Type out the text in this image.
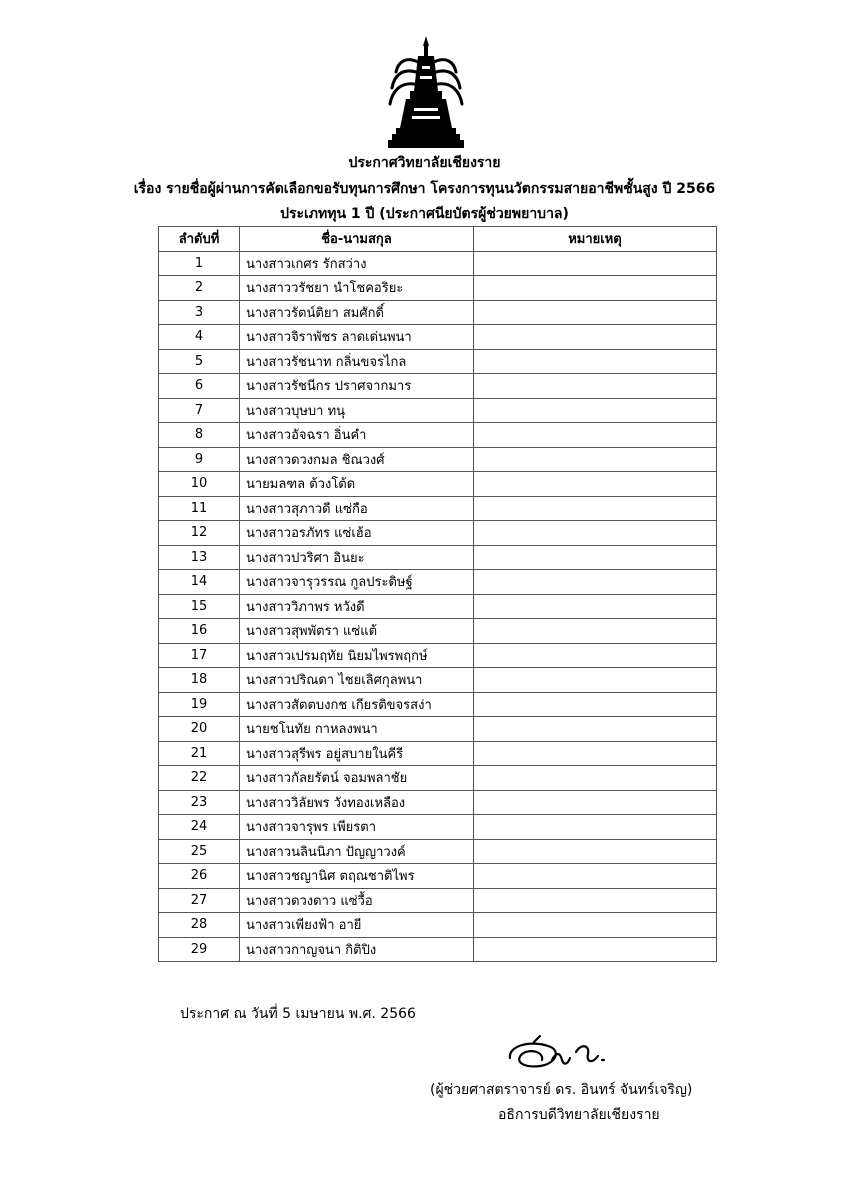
ประกาศวิทยาลัยเชียงราย
เรื่อง รายชื่อผู้ผ่านการคัดเลือกขอรับทุนการศึกษา โครงการทุนนวัตกรรมสายอาชีพชั้นสูง ปี 2566
ประเภททุน 1 ปี (ประกาศนียบัตรผู้ช่วยพยาบาล)
ลำดับที่	ชื่อ-นามสกุล	หมายเหตุ
1	นางสาวเกศร รักสว่าง	
2	นางสาววรัชยา นำโชคอริยะ	
3	นางสาวรัตน์ติยา สมศักดิ์	
4	นางสาวจิราพัชร ลาดเด่นพนา	
5	นางสาวรัชนาท กลิ่นขจรไกล	
6	นางสาวรัชนีกร ปราศจากมาร	
7	นางสาวบุษบา ทนุ	
8	นางสาวอัจฉรา อิ่นคำ	
9	นางสาวดวงกมล ชิณวงศ์	
10	นายมลฑล ต้วงโต้ด	
11	นางสาวสุภาวดี แซ่กือ	
12	นางสาวอรภัทร แซ่เฮ้อ	
13	นางสาวปวริศา อินยะ	
14	นางสาวจารุวรรณ กูลประดิษฐ์	
15	นางสาววิภาพร หวังดี	
16	นางสาวสุพพัตรา แซ่แต้	
17	นางสาวเปรมฤทัย นิยมไพรพฤกษ์	
18	นางสาวปริณดา ไชยเลิศกุลพนา	
19	นางสาวสัตตบงกช เกียรติขจรสง่า	
20	นายชโนทัย กาหลงพนา	
21	นางสาวสุรีพร อยู่สบายในคีรี	
22	นางสาวกัลยรัตน์ จอมพลาชัย	
23	นางสาววิลัยพร วังทองเหลือง	
24	นางสาวจารุพร เพียรตา	
25	นางสาวนลินนิภา ปัญญาวงค์	
26	นางสาวชญานิศ ตฤณชาติไพร	
27	นางสาวดวงดาว แซ่วื้อ	
28	นางสาวเพียงฟ้า อายี	
29	นางสาวกาญจนา กิติปิง	
ประกาศ ณ วันที่ 5 เมษายน พ.ศ. 2566
(ผู้ช่วยศาสตราจารย์ ดร. อินทร์ จันทร์เจริญ)
อธิการบดีวิทยาลัยเชียงราย
